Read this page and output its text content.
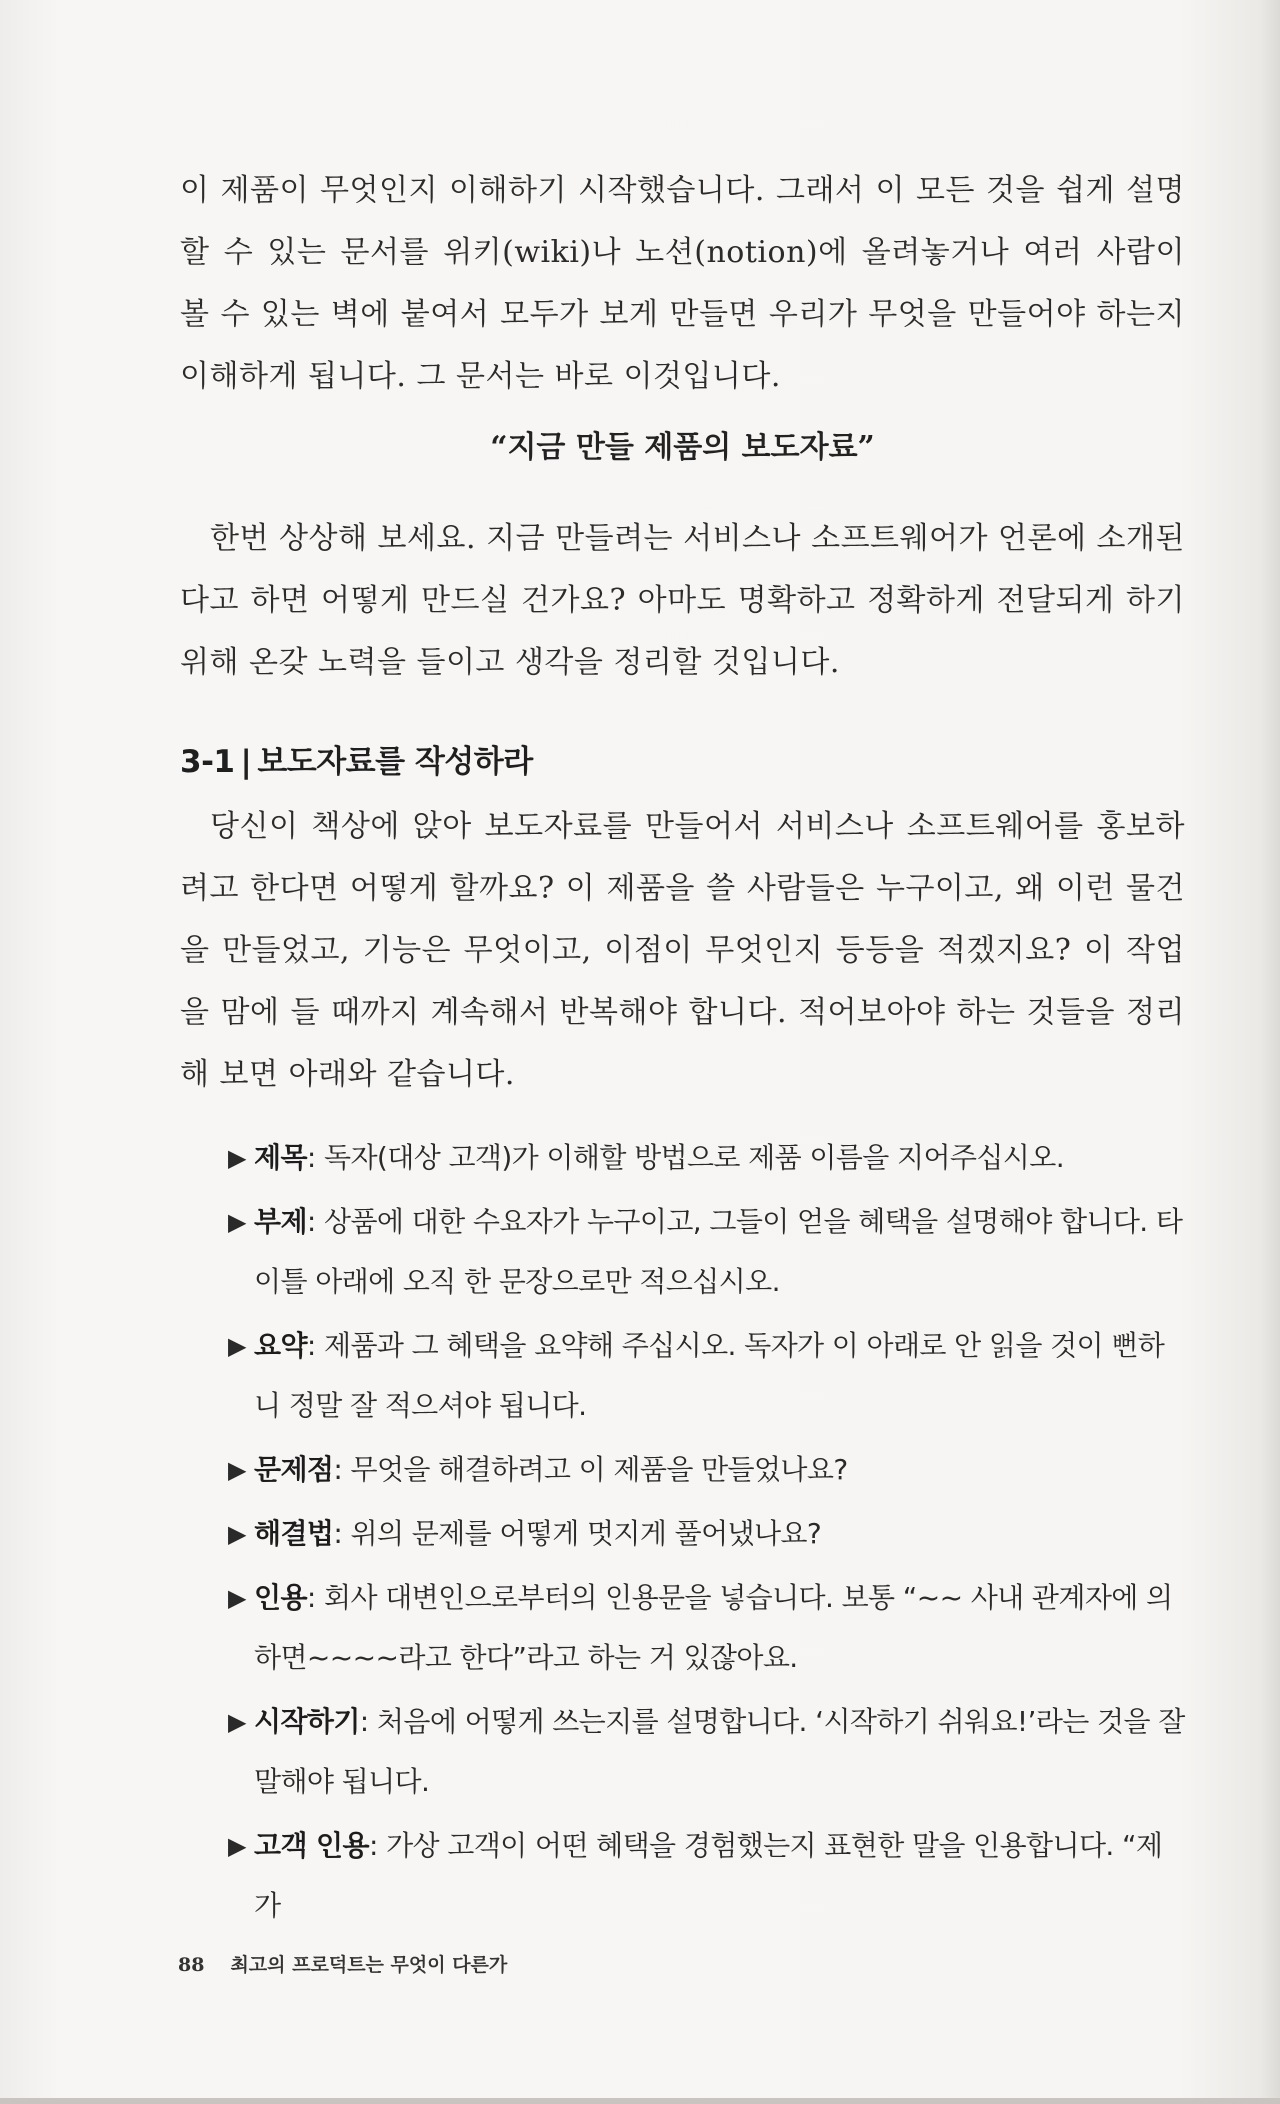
이 제품이 무엇인지 이해하기 시작했습니다. 그래서 이 모든 것을 쉽게 설명할 수 있는 문서를 위키(wiki)나 노션(notion)에 올려놓거나 여러 사람이 볼 수 있는 벽에 붙여서 모두가 보게 만들면 우리가 무엇을 만들어야 하는지 이해하게 됩니다. 그 문서는 바로 이것입니다.

“지금 만들 제품의 보도자료”

한번 상상해 보세요. 지금 만들려는 서비스나 소프트웨어가 언론에 소개된다고 하면 어떻게 만드실 건가요? 아마도 명확하고 정확하게 전달되게 하기 위해 온갖 노력을 들이고 생각을 정리할 것입니다.

3-1 | 보도자료를 작성하라

당신이 책상에 앉아 보도자료를 만들어서 서비스나 소프트웨어를 홍보하려고 한다면 어떻게 할까요? 이 제품을 쓸 사람들은 누구이고, 왜 이런 물건을 만들었고, 기능은 무엇이고, 이점이 무엇인지 등등을 적겠지요? 이 작업을 맘에 들 때까지 계속해서 반복해야 합니다. 적어보아야 하는 것들을 정리해 보면 아래와 같습니다.

▶ 제목: 독자(대상 고객)가 이해할 방법으로 제품 이름을 지어주십시오.
▶ 부제: 상품에 대한 수요자가 누구이고, 그들이 얻을 혜택을 설명해야 합니다. 타이틀 아래에 오직 한 문장으로만 적으십시오.
▶ 요약: 제품과 그 혜택을 요약해 주십시오. 독자가 이 아래로 안 읽을 것이 뻔하니 정말 잘 적으셔야 됩니다.
▶ 문제점: 무엇을 해결하려고 이 제품을 만들었나요?
▶ 해결법: 위의 문제를 어떻게 멋지게 풀어냈나요?
▶ 인용: 회사 대변인으로부터의 인용문을 넣습니다. 보통 “~~ 사내 관계자에 의하면~~~~라고 한다”라고 하는 거 있잖아요.
▶ 시작하기: 처음에 어떻게 쓰는지를 설명합니다. ‘시작하기 쉬워요!’라는 것을 잘 말해야 됩니다.
▶ 고객 인용: 가상 고객이 어떤 혜택을 경험했는지 표현한 말을 인용합니다. “제가
88 최고의 프로덕트는 무엇이 다른가
